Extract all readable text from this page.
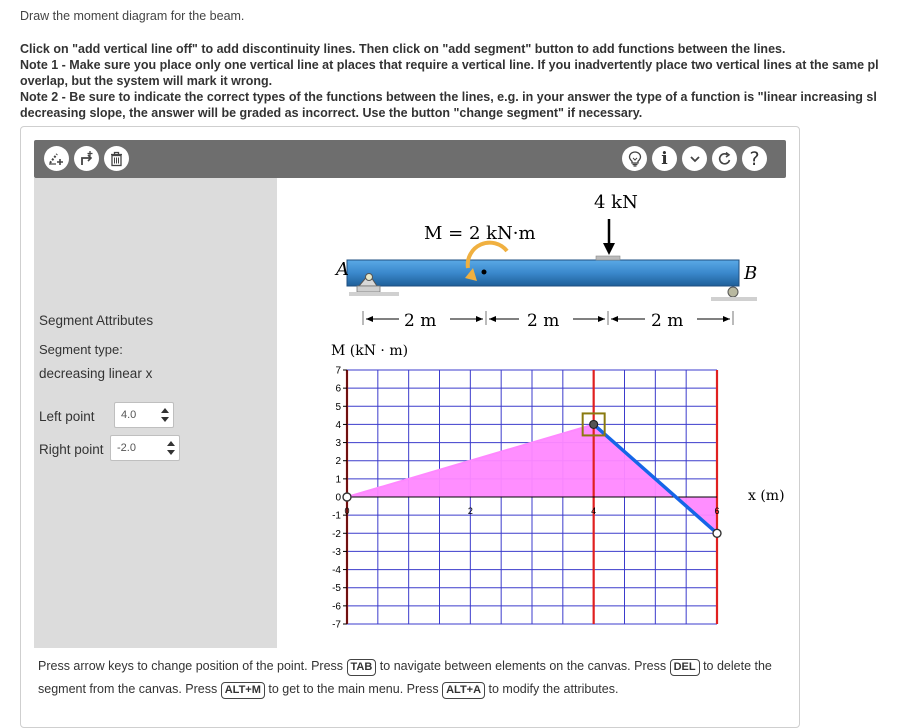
Draw the moment diagram for the beam.

Click on "add vertical line off" to add discontinuity lines. Then click on "add segment" button to add functions between the lines.

Note 1 - Make sure you place only one vertical line at places that require a vertical line. If you inadvertently place two vertical lines at the same pl

overlap, but the system will mark it wrong.

Note 2 - Be sure to indicate the correct types of the functions between the lines, e.g. in your answer the type of a function is "linear increasing sl

decreasing slope, the answer will be graded as incorrect. Use the button "change segment" if necessary.

i	?
Segment Attributes
Segment type:
decreasing linear x
Left point 4.0
Right point -2.0
A	B
M = 2 kN·m
4 kN
2 m	2 m	2 m
M (kN · m)
x (m)
7
6
5
4
3
2
1
0
-1
-2
-3
-4
-5
-6
-7
0	2	4	6
Press arrow keys to change position of the point. Press TAB to navigate between elements on the canvas. Press DEL to delete the segment from the canvas. Press ALT+M to get to the main menu. Press ALT+A to modify the attributes.
